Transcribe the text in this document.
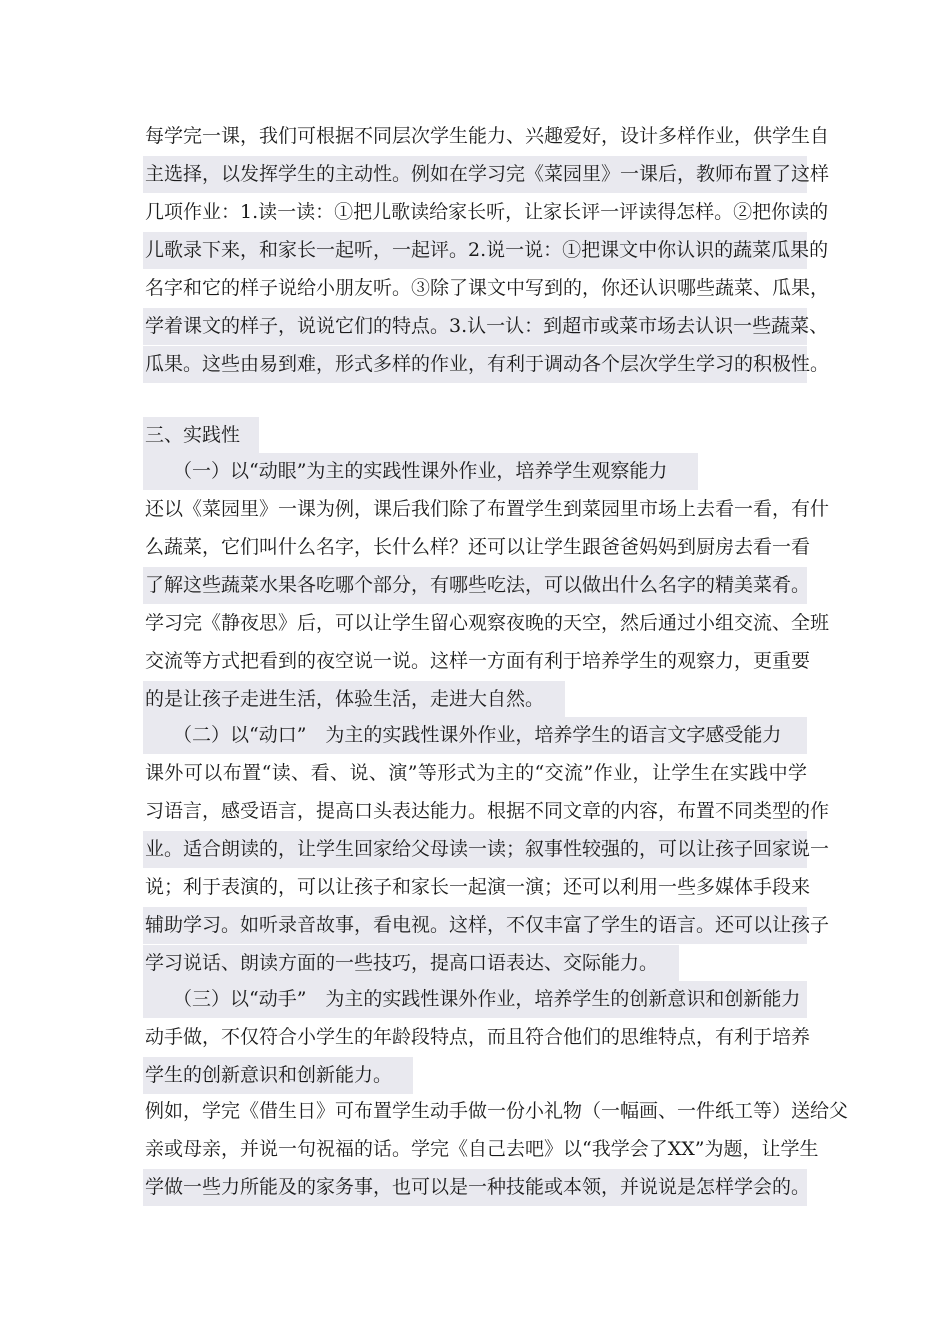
每学完一课，我们可根据不同层次学生能力、兴趣爱好，设计多样作业，供学生自
主选择，以发挥学生的主动性。例如在学习完《菜园里》一课后，教师布置了这样
几项作业：1.读一读：①把儿歌读给家长听，让家长评一评读得怎样。②把你读的
儿歌录下来，和家长一起听，一起评。2.说一说：①把课文中你认识的蔬菜瓜果的
名字和它的样子说给小朋友听。③除了课文中写到的，你还认识哪些蔬菜、瓜果，
学着课文的样子，说说它们的特点。3.认一认：到超市或菜市场去认识一些蔬菜、
瓜果。这些由易到难，形式多样的作业，有利于调动各个层次学生学习的积极性。
三、实践性
（一）以“动眼”为主的实践性课外作业，培养学生观察能力
还以《菜园里》一课为例，课后我们除了布置学生到菜园里市场上去看一看，有什
么蔬菜，它们叫什么名字，长什么样？还可以让学生跟爸爸妈妈到厨房去看一看
了解这些蔬菜水果各吃哪个部分，有哪些吃法，可以做出什么名字的精美菜肴。
学习完《静夜思》后，可以让学生留心观察夜晚的天空，然后通过小组交流、全班
交流等方式把看到的夜空说一说。这样一方面有利于培养学生的观察力，更重要
的是让孩子走进生活，体验生活，走进大自然。
（二）以“动口”　为主的实践性课外作业，培养学生的语言文字感受能力
课外可以布置“读、看、说、演”等形式为主的“交流”作业，让学生在实践中学
习语言，感受语言，提高口头表达能力。根据不同文章的内容，布置不同类型的作
业。适合朗读的，让学生回家给父母读一读；叙事性较强的，可以让孩子回家说一
说；利于表演的，可以让孩子和家长一起演一演；还可以利用一些多媒体手段来
辅助学习。如听录音故事，看电视。这样，不仅丰富了学生的语言。还可以让孩子
学习说话、朗读方面的一些技巧，提高口语表达、交际能力。
（三）以“动手”　为主的实践性课外作业，培养学生的创新意识和创新能力
动手做，不仅符合小学生的年龄段特点，而且符合他们的思维特点，有利于培养
学生的创新意识和创新能力。
例如，学完《借生日》可布置学生动手做一份小礼物（一幅画、一件纸工等）送给父
亲或母亲，并说一句祝福的话。学完《自己去吧》以“我学会了XX”为题，让学生
学做一些力所能及的家务事，也可以是一种技能或本领，并说说是怎样学会的。
